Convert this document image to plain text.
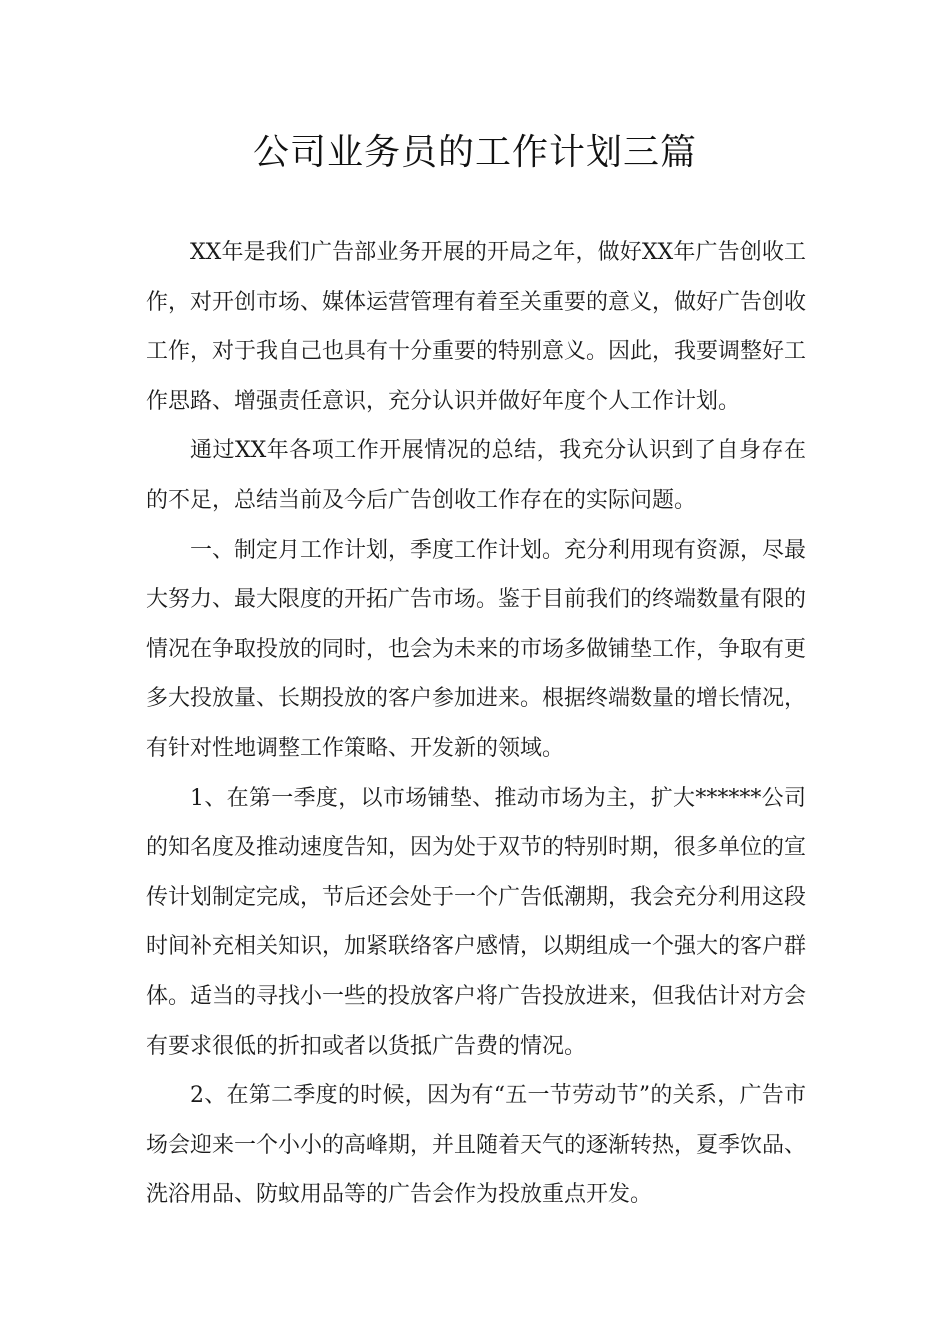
公司业务员的工作计划三篇

XX年是我们广告部业务开展的开局之年，做好XX年广告创收工作，对开创市场、媒体运营管理有着至关重要的意义，做好广告创收工作，对于我自己也具有十分重要的特别意义。因此，我要调整好工作思路、增强责任意识，充分认识并做好年度个人工作计划。

通过XX年各项工作开展情况的总结，我充分认识到了自身存在的不足，总结当前及今后广告创收工作存在的实际问题。

一、制定月工作计划，季度工作计划。充分利用现有资源，尽最大努力、最大限度的开拓广告市场。鉴于目前我们的终端数量有限的情况在争取投放的同时，也会为未来的市场多做铺垫工作，争取有更多大投放量、长期投放的客户参加进来。根据终端数量的增长情况，有针对性地调整工作策略、开发新的领域。

1、在第一季度，以市场铺垫、推动市场为主，扩大******公司的知名度及推动速度告知，因为处于双节的特别时期，很多单位的宣传计划制定完成，节后还会处于一个广告低潮期，我会充分利用这段时间补充相关知识，加紧联络客户感情，以期组成一个强大的客户群体。适当的寻找小一些的投放客户将广告投放进来，但我估计对方会有要求很低的折扣或者以货抵广告费的情况。

2、在第二季度的时候，因为有“五一节劳动节”的关系，广告市场会迎来一个小小的高峰期，并且随着天气的逐渐转热，夏季饮品、洗浴用品、防蚊用品等的广告会作为投放重点开发。
